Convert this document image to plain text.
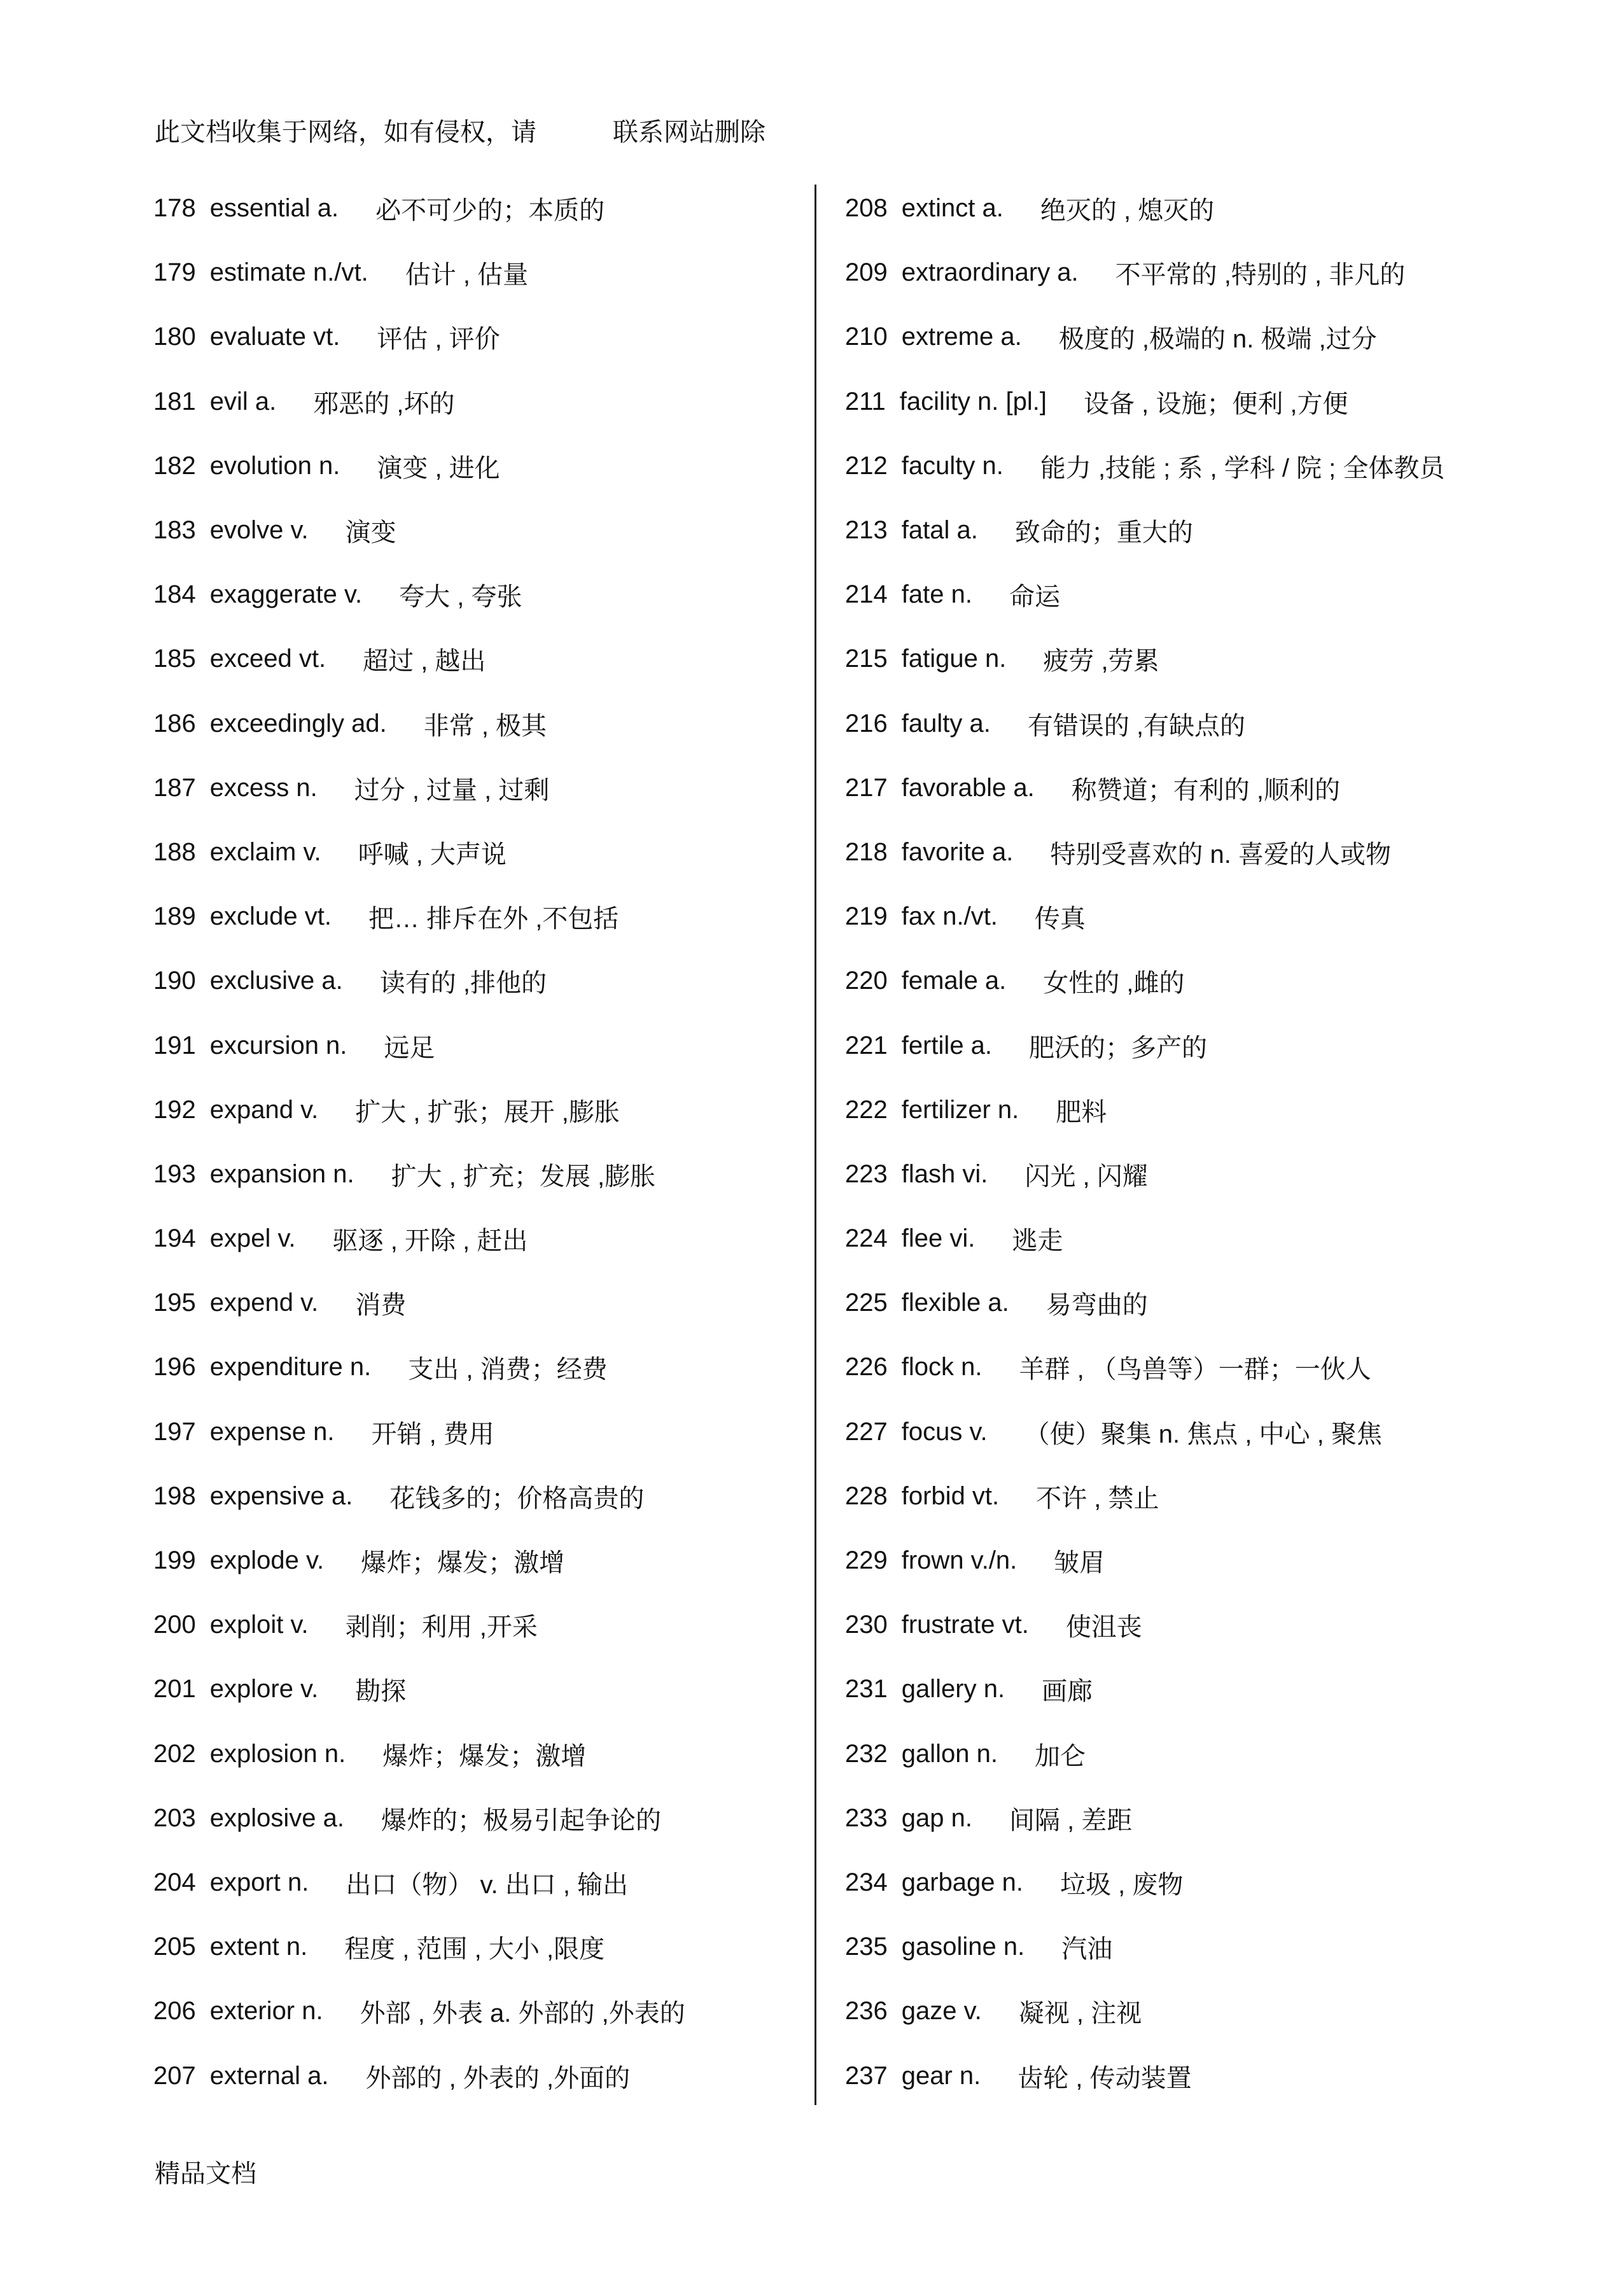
此文档收集于网络，如有侵权，请	联系网站删除
178 essential a. 必不可少的；本质的
179 estimate n./vt. 估计 , 估量
180 evaluate vt. 评估 , 评价
181 evil a. 邪恶的 ,坏的
182 evolution n. 演变 , 进化
183 evolve v. 演变
184 exaggerate v. 夸大 , 夸张
185 exceed vt. 超过 , 越出
186 exceedingly ad. 非常 , 极其
187 excess n. 过分 , 过量 , 过剩
188 exclaim v. 呼喊 , 大声说
189 exclude vt. 把… 排斥在外 ,不包括
190 exclusive a. 读有的 ,排他的
191 excursion n. 远足
192 expand v. 扩大 , 扩张；展开 ,膨胀
193 expansion n. 扩大 , 扩充；发展 ,膨胀
194 expel v. 驱逐 , 开除 , 赶出
195 expend v. 消费
196 expenditure n. 支出 , 消费；经费
197 expense n. 开销 , 费用
198 expensive a. 花钱多的；价格高贵的
199 explode v. 爆炸；爆发；激增
200 exploit v. 剥削；利用 ,开采
201 explore v. 勘探
202 explosion n. 爆炸；爆发；激增
203 explosive a. 爆炸的；极易引起争论的
204 export n. 出口（物） v. 出口 , 输出
205 extent n. 程度 , 范围 , 大小 ,限度
206 exterior n. 外部 , 外表 a. 外部的 ,外表的
207 external a. 外部的 , 外表的 ,外面的
208 extinct a. 绝灭的 , 熄灭的
209 extraordinary a. 不平常的 ,特别的 , 非凡的
210 extreme a. 极度的 ,极端的 n. 极端 ,过分
211 facility n. [pl.] 设备 , 设施；便利 ,方便
212 faculty n. 能力 ,技能 ; 系 , 学科 / 院 ; 全体教员
213 fatal a. 致命的；重大的
214 fate n. 命运
215 fatigue n. 疲劳 ,劳累
216 faulty a. 有错误的 ,有缺点的
217 favorable a. 称赞道；有利的 ,顺利的
218 favorite a. 特别受喜欢的 n. 喜爱的人或物
219 fax n./vt. 传真
220 female a. 女性的 ,雌的
221 fertile a. 肥沃的；多产的
222 fertilizer n. 肥料
223 flash vi. 闪光 , 闪耀
224 flee vi. 逃走
225 flexible a. 易弯曲的
226 flock n. 羊群 , （鸟兽等）一群；一伙人
227 focus v. （使）聚集 n. 焦点 , 中心 , 聚焦
228 forbid vt. 不许 , 禁止
229 frown v./n. 皱眉
230 frustrate vt. 使沮丧
231 gallery n. 画廊
232 gallon n. 加仑
233 gap n. 间隔 , 差距
234 garbage n. 垃圾 , 废物
235 gasoline n. 汽油
236 gaze v. 凝视 , 注视
237 gear n. 齿轮 , 传动装置
精品文档
